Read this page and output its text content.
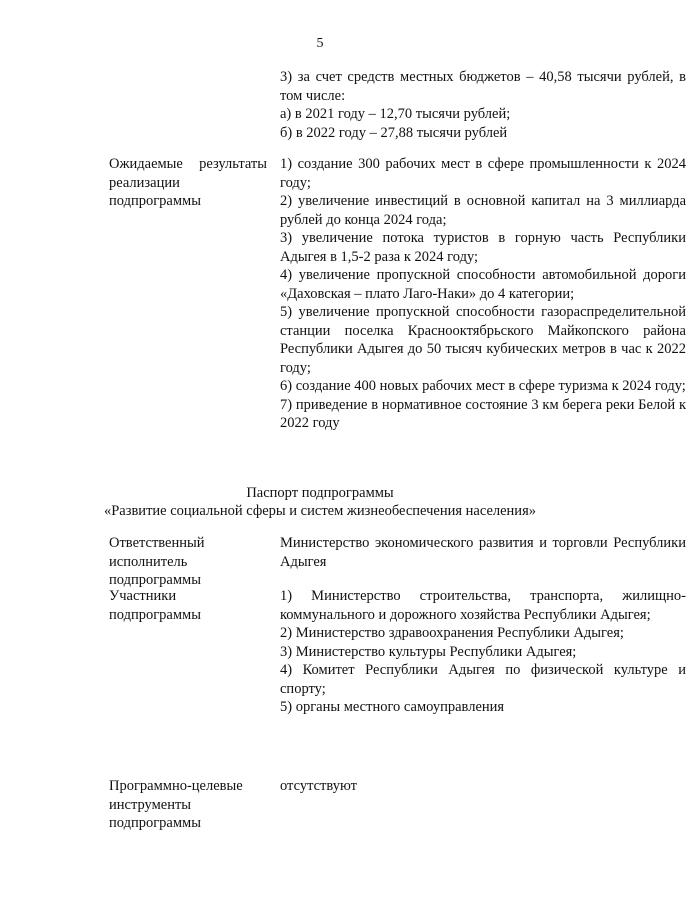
5

3) за счет средств местных бюджетов – 40,58 тысячи рублей, в том числе:

а) в 2021 году – 12,70 тысячи рублей;

б) в 2022 году – 27,88 тысячи рублей

Ожидаемые результаты реализации подпрограммы

1) создание 300 рабочих мест в сфере промышленности к 2024 году;

2) увеличение инвестиций в основной капитал на 3 миллиарда рублей до конца 2024 года;

3) увеличение потока туристов в горную часть Республики Адыгея в 1,5-2 раза к 2024 году;

4) увеличение пропускной способности автомобильной дороги «Даховская – плато Лаго-Наки» до 4 категории;

5) увеличение пропускной способности газораспределительной станции поселка Краснооктябрьского Майкопского района Республики Адыгея до 50 тысяч кубических метров в час к 2022 году;

6) создание 400 новых рабочих мест в сфере туризма к 2024 году;

7) приведение в нормативное состояние 3 км берега реки Белой к 2022 году

Паспорт подпрограммы
«Развитие социальной сферы и систем жизнеобеспечения населения»
Ответственный исполнитель подпрограммы
Министерство экономического развития и торговли Республики Адыгея
Участники подпрограммы

1) Министерство строительства, транспорта, жилищно-коммунального и дорожного хозяйства Республики Адыгея;

2) Министерство здравоохранения Республики Адыгея;

3) Министерство культуры Республики Адыгея;

4) Комитет Республики Адыгея по физической культуре и спорту;

5) органы местного самоуправления

Программно-целевые инструменты подпрограммы
отсутствуют
